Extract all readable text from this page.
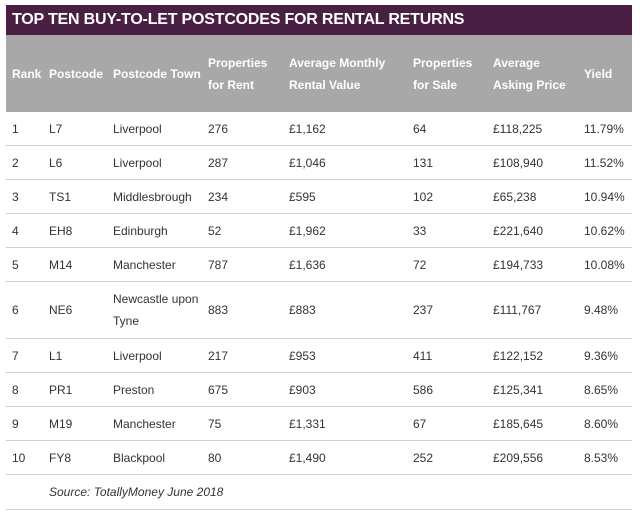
TOP TEN BUY-TO-LET POSTCODES FOR RENTAL RETURNS
Rank	Postcode	Postcode Town	Properties for Rent	Average Monthly Rental Value	Properties for Sale	Average Asking Price	Yield
1	L7	Liverpool	276	£1,162	64	£118,225	11.79%
2	L6	Liverpool	287	£1,046	131	£108,940	11.52%
3	TS1	Middlesbrough	234	£595	102	£65,238	10.94%
4	EH8	Edinburgh	52	£1,962	33	£221,640	10.62%
5	M14	Manchester	787	£1,636	72	£194,733	10.08%
6	NE6	Newcastle upon Tyne	883	£883	237	£111,767	9.48%
7	L1	Liverpool	217	£953	411	£122,152	9.36%
8	PR1	Preston	675	£903	586	£125,341	8.65%
9	M19	Manchester	75	£1,331	67	£185,645	8.60%
10	FY8	Blackpool	80	£1,490	252	£209,556	8.53%
	Source: TotallyMoney June 2018						
